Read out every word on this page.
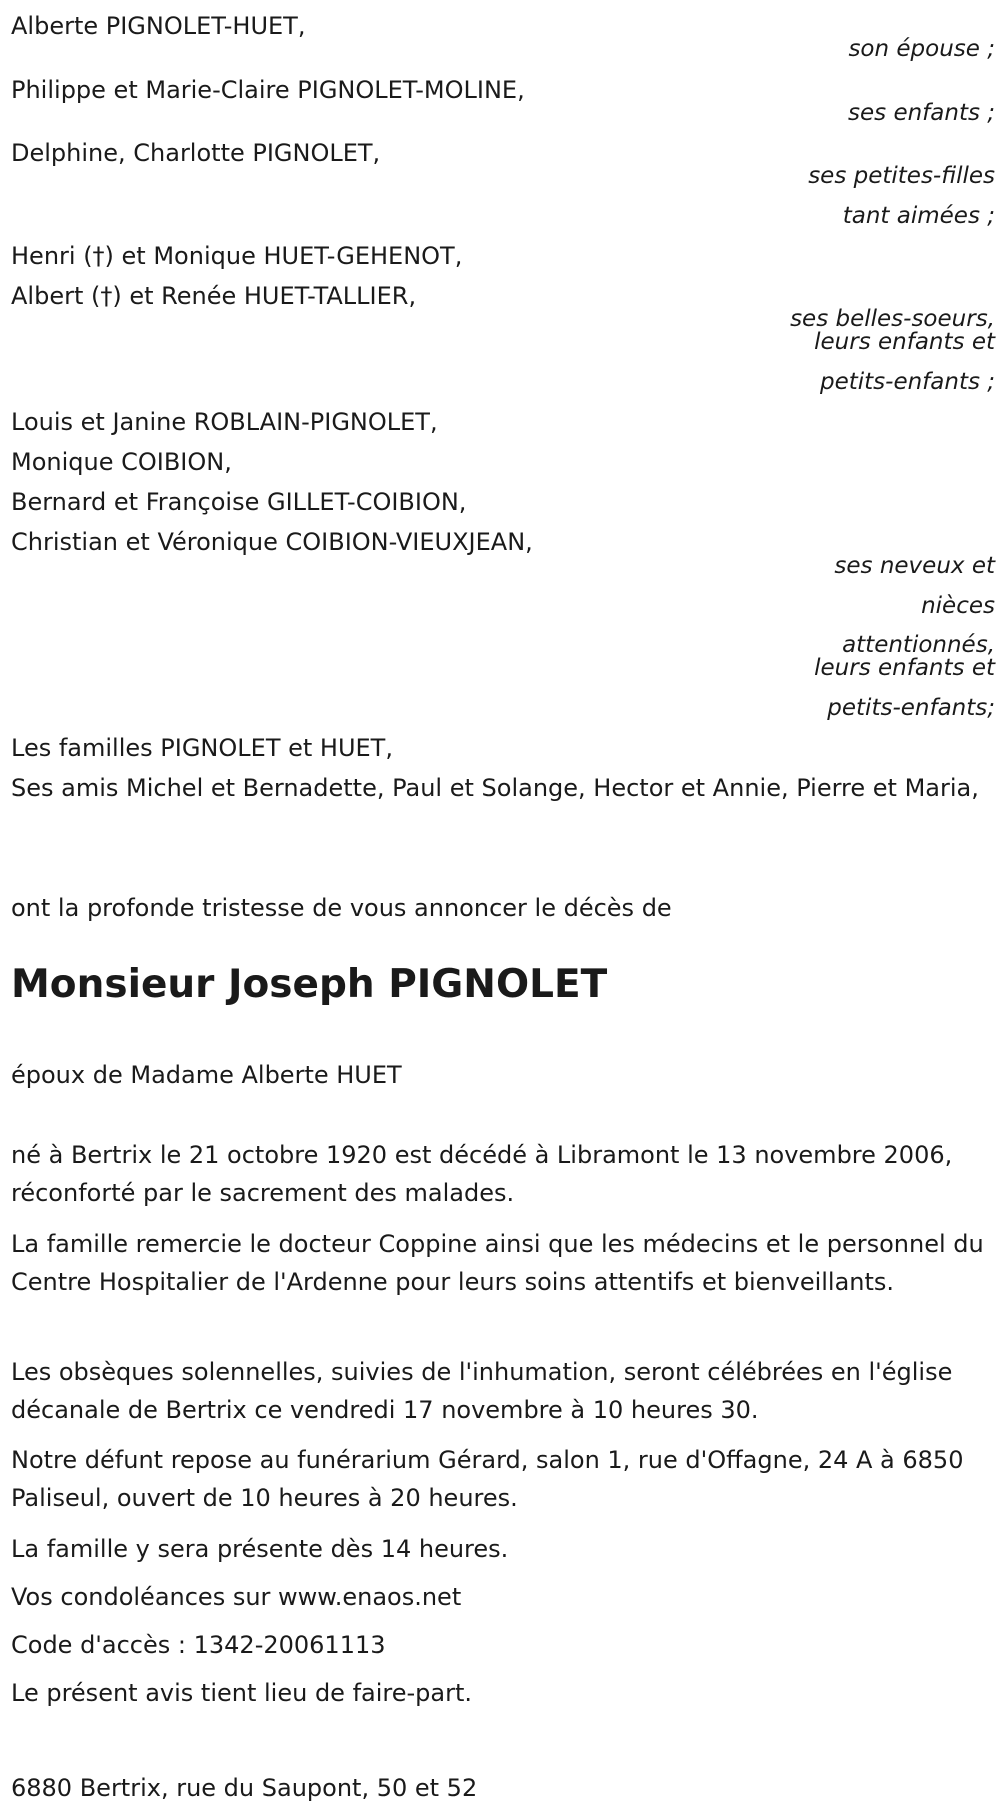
Alberte PIGNOLET-HUET,

son épouse ;

Philippe et Marie-Claire PIGNOLET-MOLINE,

ses enfants ;

Delphine, Charlotte PIGNOLET,

ses petites-filles

tant aimées ;

Henri (†) et Monique HUET-GEHENOT,

Albert (†) et Renée HUET-TALLIER,

ses belles-soeurs,

leurs enfants et

petits-enfants ;

Louis et Janine ROBLAIN-PIGNOLET,

Monique COIBION,

Bernard et Françoise GILLET-COIBION,

Christian et Véronique COIBION-VIEUXJEAN,

ses neveux et

nièces

attentionnés,

leurs enfants et

petits-enfants;

Les familles PIGNOLET et HUET,

Ses amis Michel et Bernadette, Paul et Solange, Hector et Annie, Pierre et Maria,

ont la profonde tristesse de vous annoncer le décès de

Monsieur Joseph PIGNOLET

époux de Madame Alberte HUET

né à Bertrix le 21 octobre 1920 est décédé à Libramont le 13 novembre 2006, réconforté par le sacrement des malades.

La famille remercie le docteur Coppine ainsi que les médecins et le personnel du Centre Hospitalier de l'Ardenne pour leurs soins attentifs et bienveillants.

Les obsèques solennelles, suivies de l'inhumation, seront célébrées en l'église décanale de Bertrix ce vendredi 17 novembre à 10 heures 30.

Notre défunt repose au funérarium Gérard, salon 1, rue d'Offagne, 24 A à 6850 Paliseul, ouvert de 10 heures à 20 heures.

La famille y sera présente dès 14 heures.

Vos condoléances sur www.enaos.net

Code d'accès : 1342-20061113

Le présent avis tient lieu de faire-part.

6880 Bertrix, rue du Saupont, 50 et 52
